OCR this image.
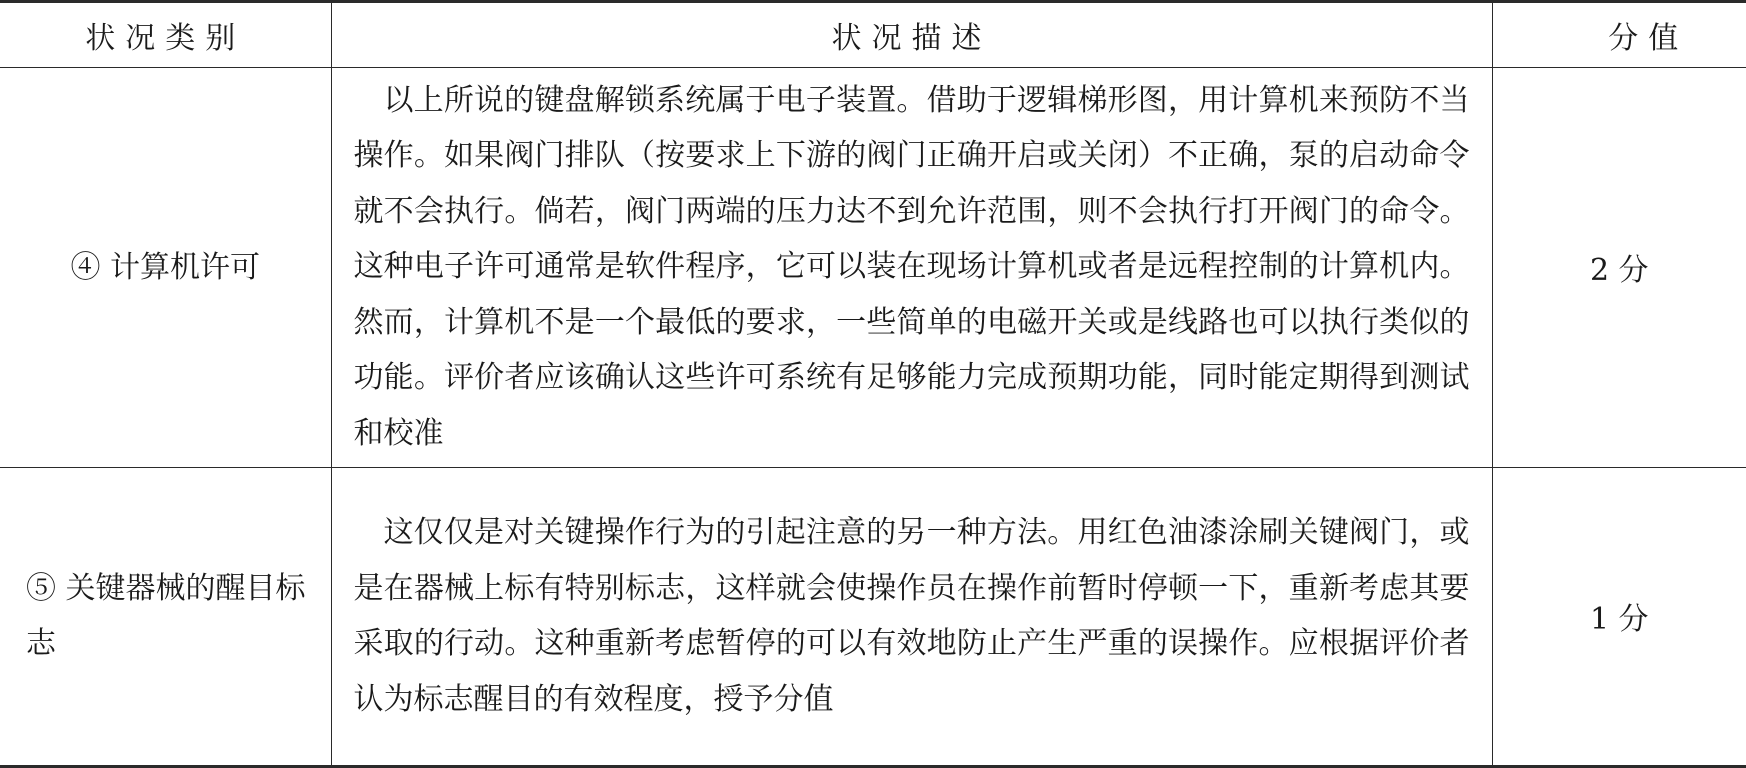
状况类别	状况描述	分值
④ 计算机许可	以上所说的键盘解锁系统属于电子装置。借助于逻辑梯形图，用计算机来预防不当操作。如果阀门排队（按要求上下游的阀门正确开启或关闭）不正确，泵的启动命令就不会执行。倘若，阀门两端的压力达不到允许范围，则不会执行打开阀门的命令。这种电子许可通常是软件程序，它可以装在现场计算机或者是远程控制的计算机内。然而，计算机不是一个最低的要求，一些简单的电磁开关或是线路也可以执行类似的功能。评价者应该确认这些许可系统有足够能力完成预期功能，同时能定期得到测试和校准	2 分
⑤ 关键器械的醒目标志	这仅仅是对关键操作行为的引起注意的另一种方法。用红色油漆涂刷关键阀门，或是在器械上标有特别标志，这样就会使操作员在操作前暂时停顿一下，重新考虑其要采取的行动。这种重新考虑暂停的可以有效地防止产生严重的误操作。应根据评价者认为标志醒目的有效程度，授予分值	1 分
